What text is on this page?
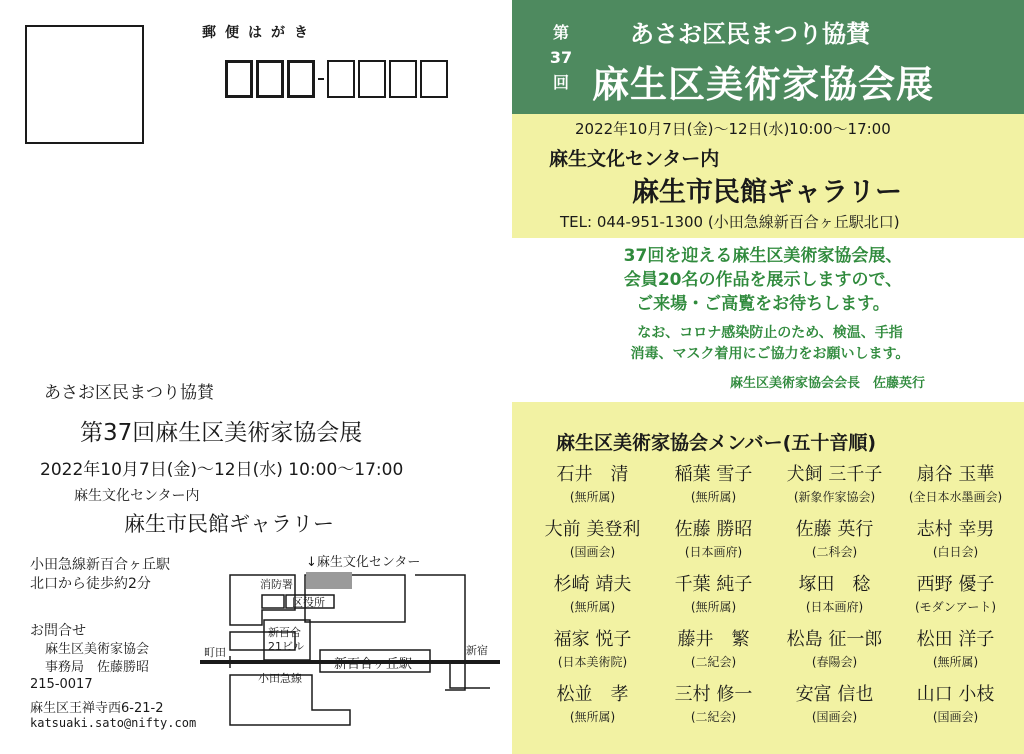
郵便はがき
あさお区民まつり協賛
第37回麻生区美術家協会展
2022年10月7日(金)～12日(水) 10:00～17:00
麻生文化センター内
麻生市民館ギャラリー
小田急線新百合ヶ丘駅
北口から徒歩約2分
お問合せ
麻生区美術家協会
事務局　佐藤勝昭
215-0017
麻生区王禅寺西6-21-2
katsuaki.sato@nifty.com
↓麻生文化センター
消防署
区役所
新百合
21ビル
町田	新宿
新百合ヶ丘駅
小田急線
第
37
回
あさお区民まつり協賛
麻生区美術家協会展
2022年10月7日(金)～12日(水)10:00～17:00
麻生文化センター内
麻生市民館ギャラリー
TEL: 044-951-1300 (小田急線新百合ヶ丘駅北口)
37回を迎える麻生区美術家協会展、
会員20名の作品を展示しますので、
ご来場・ご高覧をお待ちします。
なお、コロナ感染防止のため、検温、手指
消毒、マスク着用にご協力をお願いします。
麻生区美術家協会会長　佐藤英行
麻生区美術家協会メンバー(五十音順)
石井　清
(無所属)
稲葉 雪子
(無所属)
犬飼 三千子
(新象作家協会)
扇谷 玉華
(全日本水墨画会)
大前 美登利
(国画会)
佐藤 勝昭
(日本画府)
佐藤 英行
(二科会)
志村 幸男
(白日会)
杉崎 靖夫
(無所属)
千葉 純子
(無所属)
塚田　稔
(日本画府)
西野 優子
(モダンアート)
福家 悦子
(日本美術院)
藤井　繁
(二紀会)
松島 征一郎
(春陽会)
松田 洋子
(無所属)
松並　孝
(無所属)
三村 修一
(二紀会)
安富 信也
(国画会)
山口 小枝
(国画会)
